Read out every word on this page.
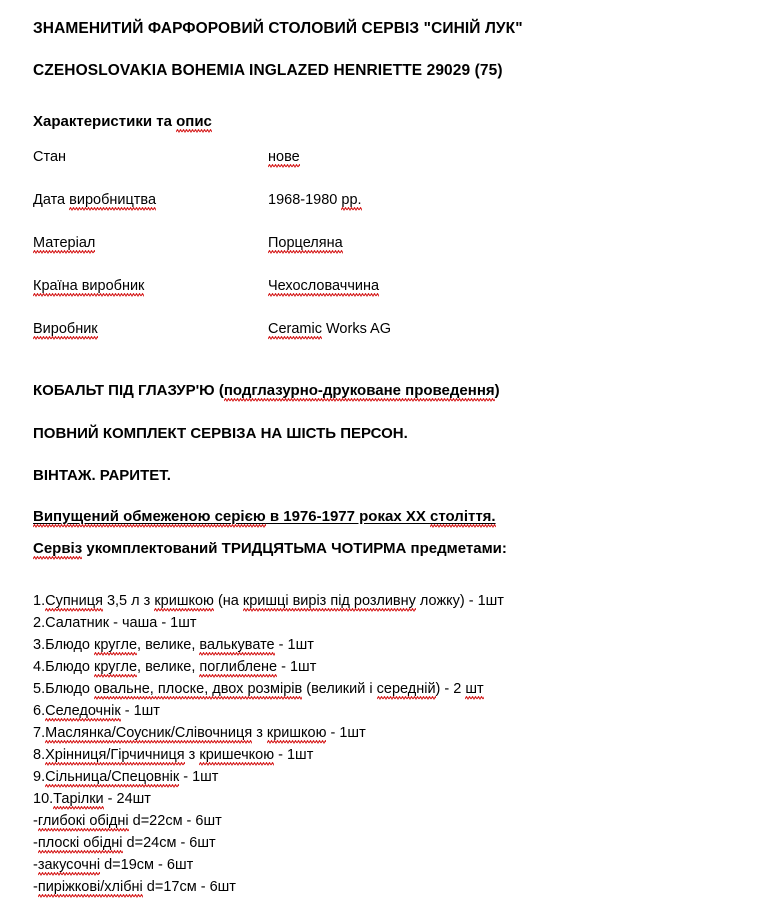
ЗНАМЕНИТИЙ ФАРФОРОВИЙ СТОЛОВИЙ СЕРВІЗ "СИНІЙ ЛУК"
CZEHOSLOVAKIA BOHEMIA INGLAZED HENRIETTE 29029 (75)
Характеристики та опис
Стан	нове
Дата виробництва	1968-1980 рр.
Матеріал	Порцеляна
Країна виробник	Чехословаччина
Виробник	Ceramic Works AG
КОБАЛЬТ ПІД ГЛАЗУР'Ю (подглазурно-друковане проведення)
ПОВНИЙ КОМПЛЕКТ СЕРВІЗА НА ШІСТЬ ПЕРСОН.
ВІНТАЖ. РАРИТЕТ.
Випущений обмеженою серією в 1976-1977 роках ХХ століття.
Сервіз укомплектований ТРИДЦЯТЬМА ЧОТИРМА предметами:
1.Супниця 3,5 л з кришкою (на кришці виріз під розливну ложку) - 1шт
2.Салатник - чаша - 1шт
3.Блюдо кругле, велике, валькувате - 1шт
4.Блюдо кругле, велике, поглиблене - 1шт
5.Блюдо овальне, плоске, двох розмірів (великий і середній) - 2 шт
6.Селедочнік - 1шт
7.Маслянка/Соусник/Слівочниця з кришкою - 1шт
8.Хрінниця/Гірчичниця з кришечкою - 1шт
9.Сільница/Спецовнік - 1шт
10.Тарілки - 24шт
-глибокі обідні d=22см - 6шт
-плоскі обідні d=24см - 6шт
-закусочні d=19см - 6шт
-пиріжкові/хлібні d=17см - 6шт
